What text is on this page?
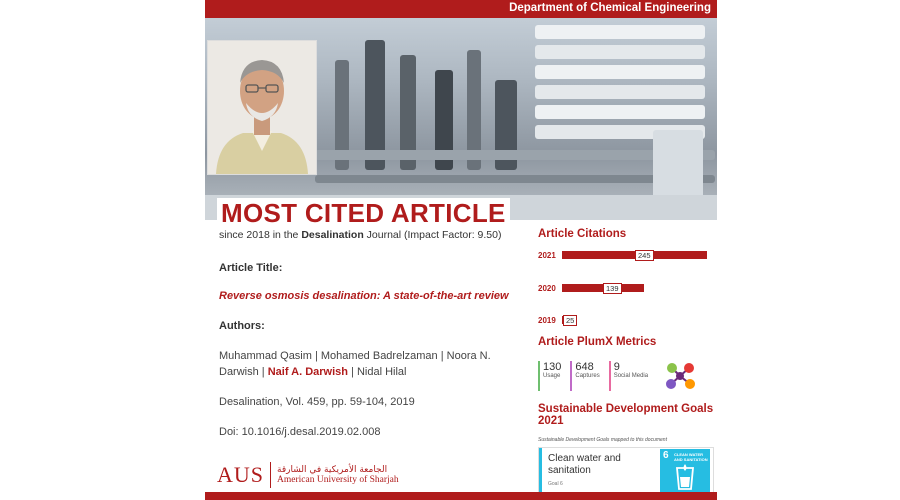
Department of Chemical Engineering
MOST CITED ARTICLE
since 2018 in the Desalination Journal (Impact Factor: 9.50)
Article Title:
Reverse osmosis desalination: A state-of-the-art review
Authors:
Muhammad Qasim | Mohamed Badrelzaman | Noora N.
Darwish | Naif A. Darwish | Nidal Hilal
Desalination, Vol. 459, pp. 59-104, 2019
Doi: 10.1016/j.desal.2019.02.008
AUS الجامعة الأمريكية في الشارقة
American University of Sharjah
Article Citations
2021	245
2020	139
2019	25
Article PlumX Metrics
130
Usage
648
Captures
9
Social Media
Sustainable Development Goals
2021
Sustainable Development Goals mapped to this document
Clean water and
sanitation
Goal 6
6 CLEAN WATER
AND SANITATION
